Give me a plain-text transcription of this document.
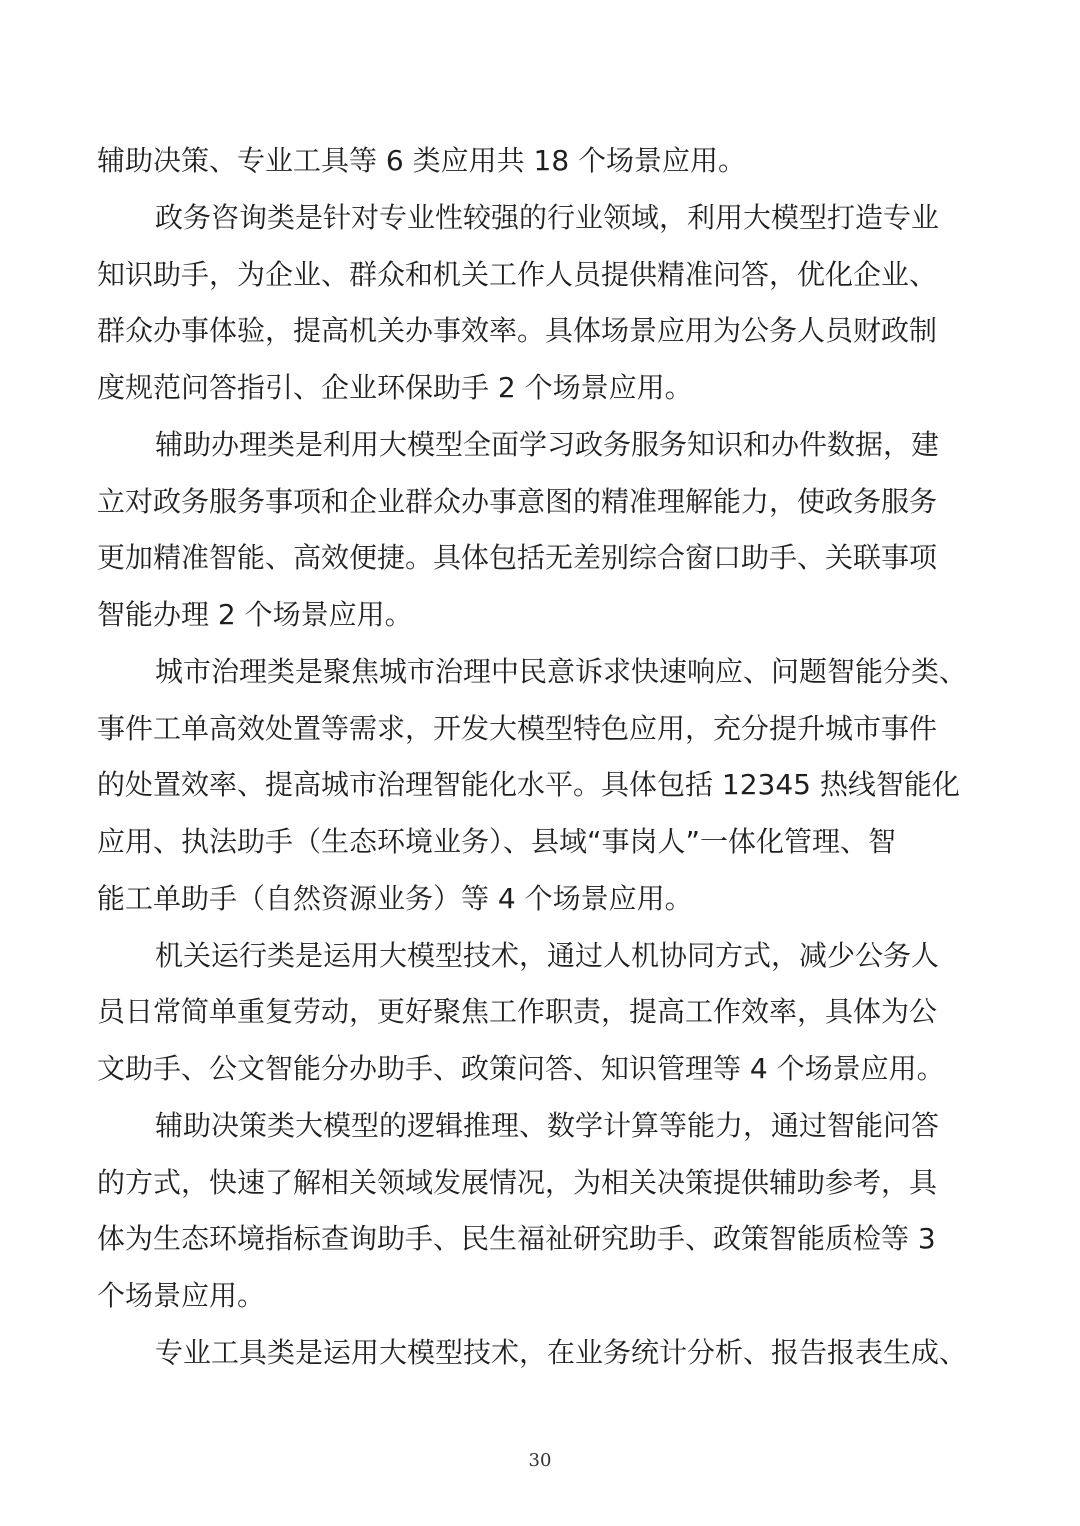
辅助决策、专业工具等 6 类应用共 18 个场景应用。
政务咨询类是针对专业性较强的行业领域，利用大模型打造专业
知识助手，为企业、群众和机关工作人员提供精准问答，优化企业、
群众办事体验，提高机关办事效率。具体场景应用为公务人员财政制
度规范问答指引、企业环保助手 2 个场景应用。
辅助办理类是利用大模型全面学习政务服务知识和办件数据，建
立对政务服务事项和企业群众办事意图的精准理解能力，使政务服务
更加精准智能、高效便捷。具体包括无差别综合窗口助手、关联事项
智能办理 2 个场景应用。
城市治理类是聚焦城市治理中民意诉求快速响应、问题智能分类、
事件工单高效处置等需求，开发大模型特色应用，充分提升城市事件
的处置效率、提高城市治理智能化水平。具体包括 12345 热线智能化
应用、执法助手（生态环境业务）、县域“事岗人”一体化管理、智
能工单助手（自然资源业务）等 4 个场景应用。
机关运行类是运用大模型技术，通过人机协同方式，减少公务人
员日常简单重复劳动，更好聚焦工作职责，提高工作效率，具体为公
文助手、公文智能分办助手、政策问答、知识管理等 4 个场景应用。
辅助决策类大模型的逻辑推理、数学计算等能力，通过智能问答
的方式，快速了解相关领域发展情况，为相关决策提供辅助参考，具
体为生态环境指标查询助手、民生福祉研究助手、政策智能质检等 3
个场景应用。
专业工具类是运用大模型技术，在业务统计分析、报告报表生成、
30
